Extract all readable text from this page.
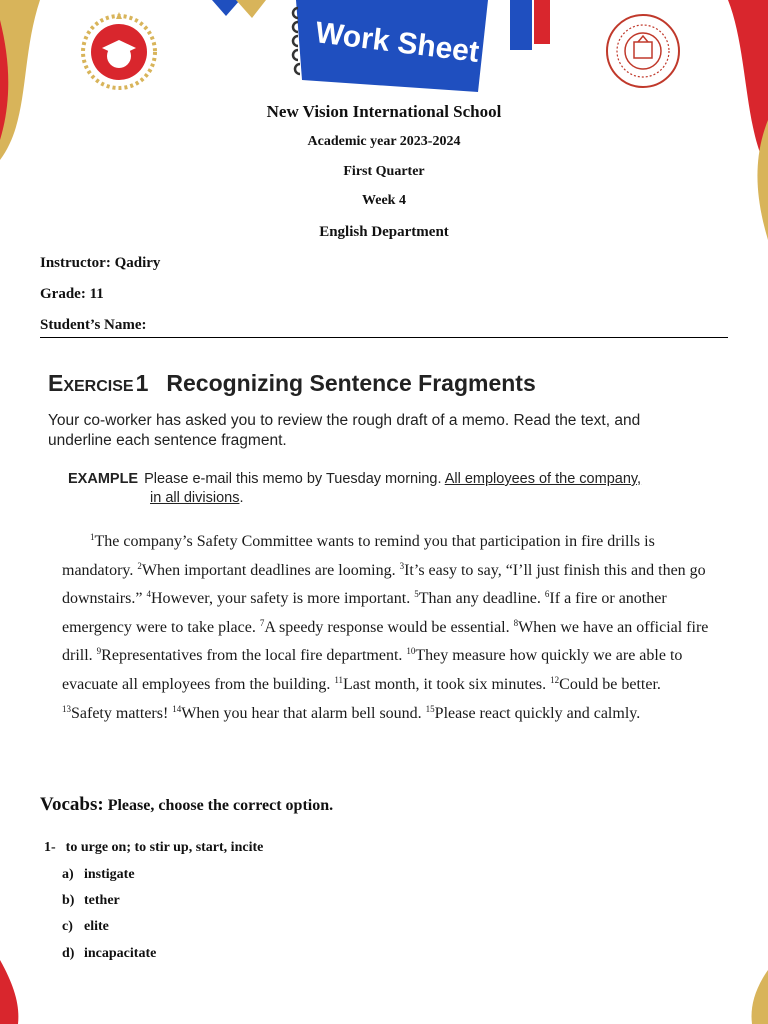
Work Sheet
New Vision International School
Academic year 2023-2024
First Quarter
Week 4
English Department
Instructor: Qadiry
Grade: 11
Student’s Name:
Exercise1 Recognizing Sentence Fragments
Your co-worker has asked you to review the rough draft of a memo. Read the text, and underline each sentence fragment.
EXAMPLE Please e-mail this memo by Tuesday morning. All employees of the company,
in all divisions.
$^1$The company’s Safety Committee wants to remind you that participation in fire drills is mandatory. $^2$When important deadlines are looming. $^3$It’s easy to say, “I’ll just finish this and then go downstairs.” $^4$However, your safety is more important. $^5$Than any deadline. $^6$If a fire or another emergency were to take place. $^7$A speedy response would be essential. $^8$When we have an official fire drill. $^9$Representatives from the local fire department. $^{10}$They measure how quickly we are able to evacuate all employees from the building. $^{11}$Last month, it took six minutes. $^{12}$Could be better. $^{13}$Safety matters! $^{14}$When you hear that alarm bell sound. $^{15}$Please react quickly and calmly.
Vocabs: Please, choose the correct option.
1- to urge on; to stir up, start, incite
a) instigate
b) tether
c) elite
d) incapacitate
